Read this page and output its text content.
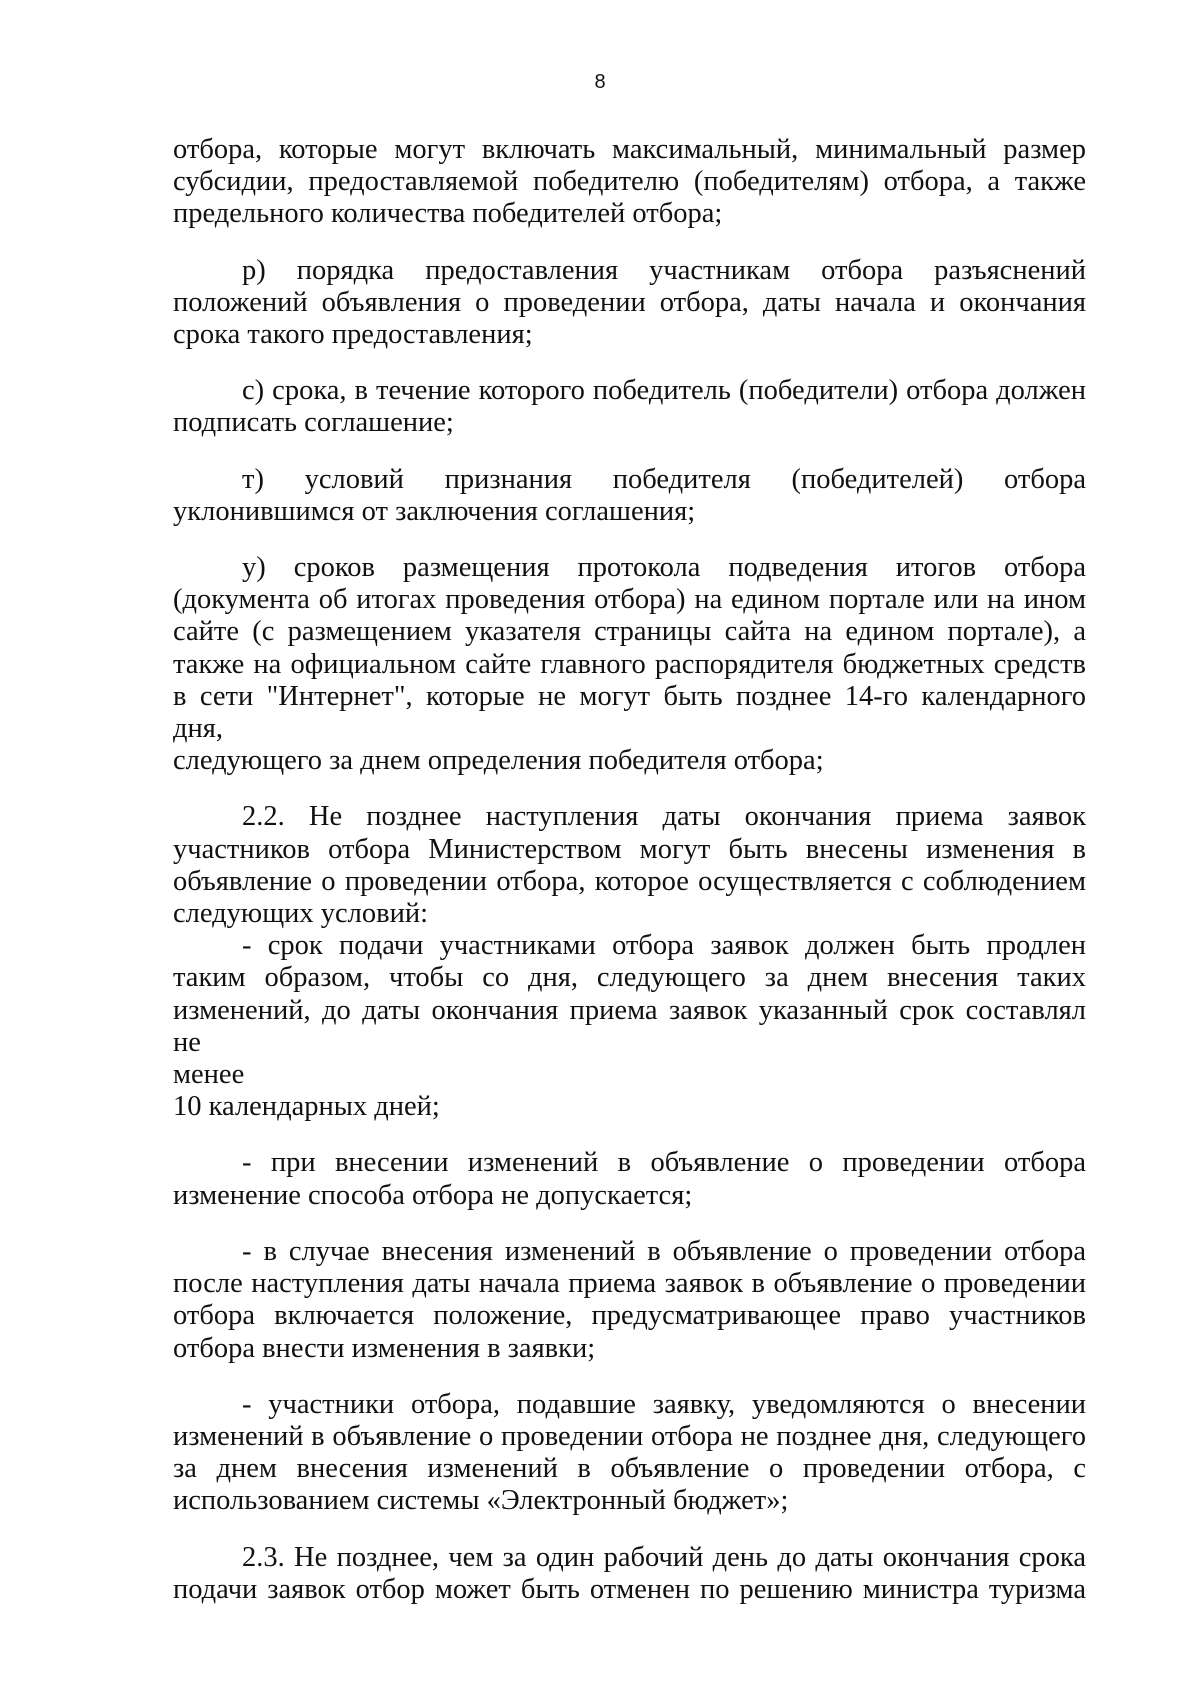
8

отбора, которые могут включать максимальный, минимальный размер
субсидии, предоставляемой победителю (победителям) отбора, а также
предельного количества победителей отбора;

р) порядка предоставления участникам отбора разъяснений
положений объявления о проведении отбора, даты начала и окончания
срока такого предоставления;

с) срока, в течение которого победитель (победители) отбора должен
подписать соглашение;

т) условий признания победителя (победителей) отбора
уклонившимся от заключения соглашения;

у) сроков размещения протокола подведения итогов отбора
(документа об итогах проведения отбора) на едином портале или на ином
сайте (с размещением указателя страницы сайта на едином портале), а
также на официальном сайте главного распорядителя бюджетных средств
в сети "Интернет", которые не могут быть позднее 14-го календарного дня,
следующего за днем определения победителя отбора;

2.2. Не позднее наступления даты окончания приема заявок
участников отбора Министерством могут быть внесены изменения в
объявление о проведении отбора, которое осуществляется с соблюдением
следующих условий:

- срок подачи участниками отбора заявок должен быть продлен
таким образом, чтобы со дня, следующего за днем внесения таких
изменений, до даты окончания приема заявок указанный срок составлял не
менее
10 календарных дней;

- при внесении изменений в объявление о проведении отбора
изменение способа отбора не допускается;

- в случае внесения изменений в объявление о проведении отбора
после наступления даты начала приема заявок в объявление о проведении
отбора включается положение, предусматривающее право участников
отбора внести изменения в заявки;

- участники отбора, подавшие заявку, уведомляются о внесении
изменений в объявление о проведении отбора не позднее дня, следующего
за днем внесения изменений в объявление о проведении отбора, с
использованием системы «Электронный бюджет»;

2.3. Не позднее, чем за один рабочий день до даты окончания срока
подачи заявок отбор может быть отменен по решению министра туризма
